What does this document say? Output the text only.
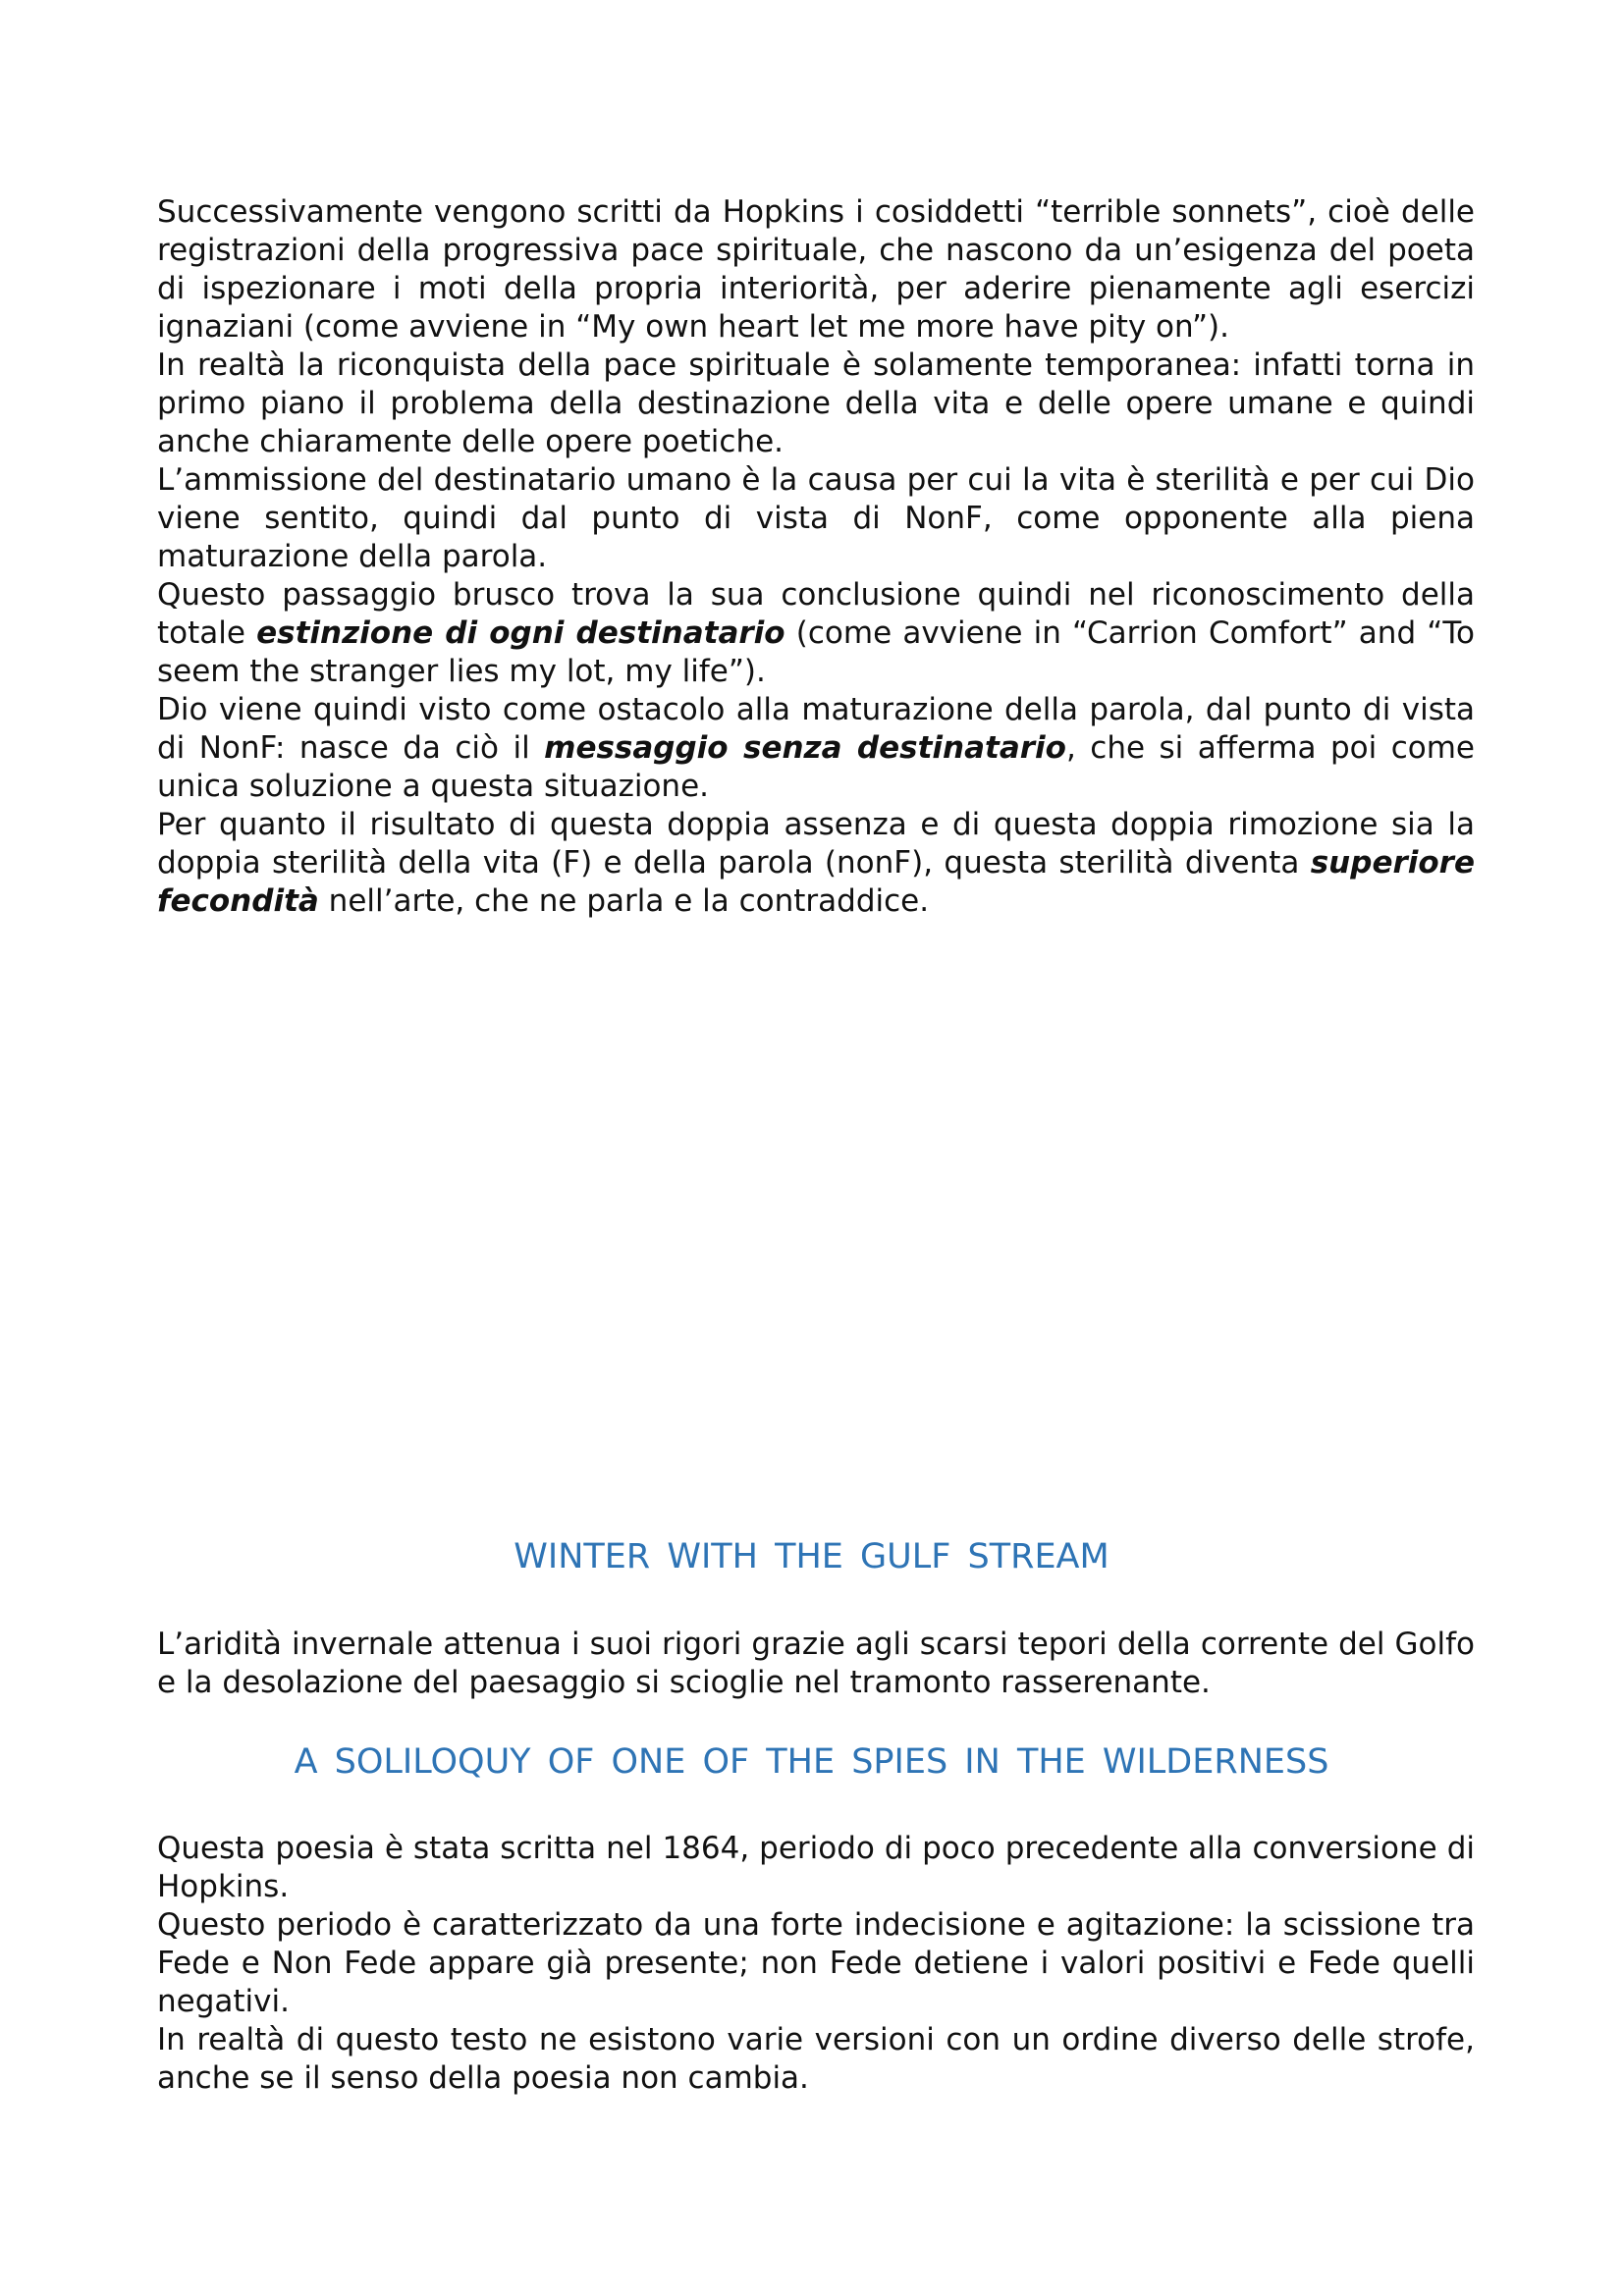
Successivamente vengono scritti da Hopkins i cosiddetti “terrible sonnets”, cioè delle registrazioni della progressiva pace spirituale, che nascono da un’esigenza del poeta di ispezionare i moti della propria interiorità, per aderire pienamente agli esercizi ignaziani (come avviene in “My own heart let me more have pity on”).

In realtà la riconquista della pace spirituale è solamente temporanea: infatti torna in primo piano il problema della destinazione della vita e delle opere umane e quindi anche chiaramente delle opere poetiche.

L’ammissione del destinatario umano è la causa per cui la vita è sterilità e per cui Dio viene sentito, quindi dal punto di vista di NonF, come opponente alla piena maturazione della parola.

Questo passaggio brusco trova la sua conclusione quindi nel riconoscimento della totale estinzione di ogni destinatario (come avviene in “Carrion Comfort” and “To seem the stranger lies my lot, my life”).

Dio viene quindi visto come ostacolo alla maturazione della parola, dal punto di vista di NonF: nasce da ciò il messaggio senza destinatario, che si afferma poi come unica soluzione a questa situazione.

Per quanto il risultato di questa doppia assenza e di questa doppia rimozione sia la doppia sterilità della vita (F) e della parola (nonF), questa sterilità diventa superiore fecondità nell’arte, che ne parla e la contraddice.

WINTER WITH THE GULF STREAM

L’aridità invernale attenua i suoi rigori grazie agli scarsi tepori della corrente del Golfo e la desolazione del paesaggio si scioglie nel tramonto rasserenante.

A SOLILOQUY OF ONE OF THE SPIES IN THE WILDERNESS

Questa poesia è stata scritta nel 1864, periodo di poco precedente alla conversione di Hopkins.

Questo periodo è caratterizzato da una forte indecisione e agitazione: la scissione tra Fede e Non Fede appare già presente; non Fede detiene i valori positivi e Fede quelli negativi.

In realtà di questo testo ne esistono varie versioni con un ordine diverso delle strofe, anche se il senso della poesia non cambia.
